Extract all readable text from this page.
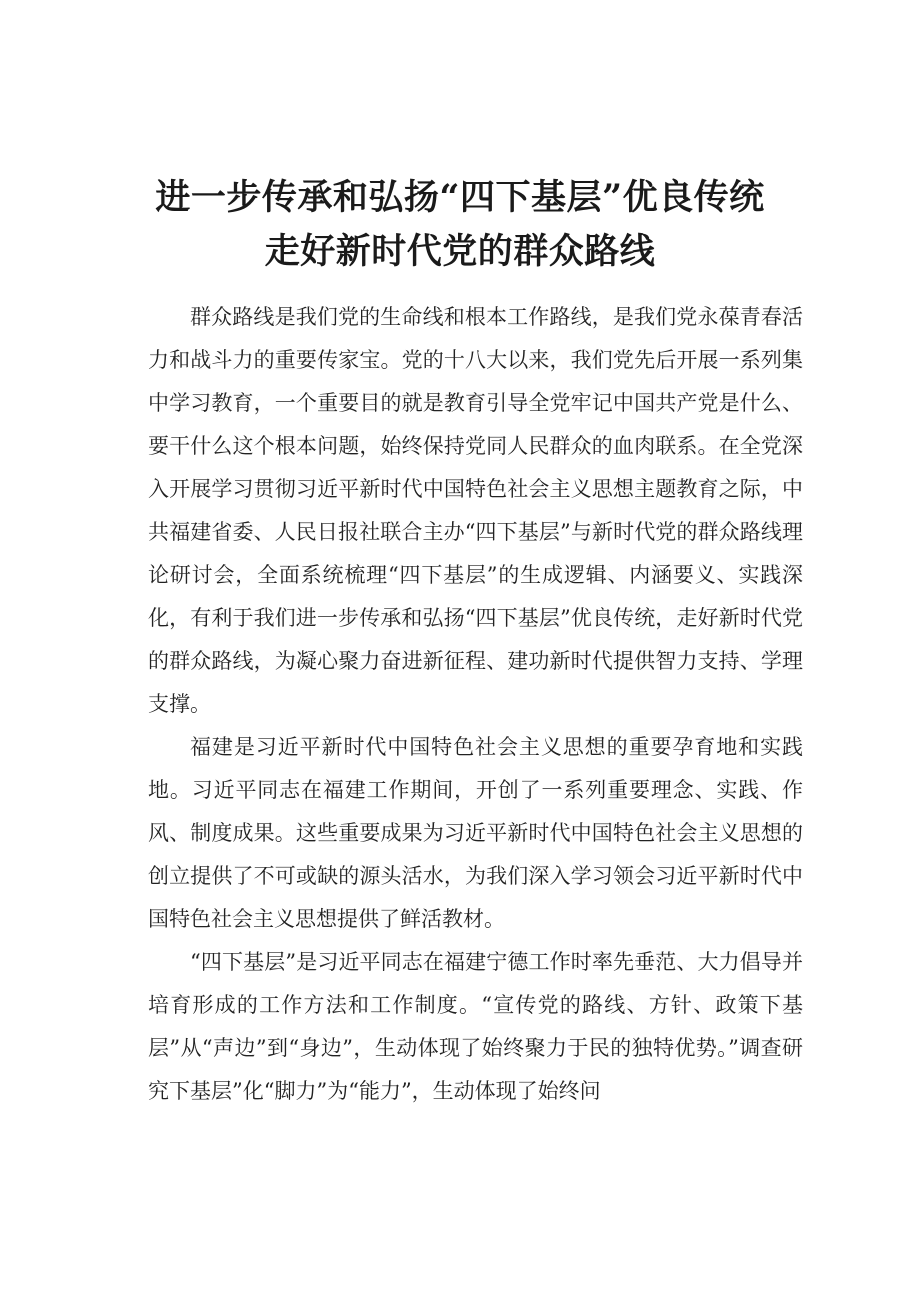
进一步传承和弘扬“四下基层”优良传统
走好新时代党的群众路线

群众路线是我们党的生命线和根本工作路线，是我们党永葆青春活力和战斗力的重要传家宝。党的十八大以来，我们党先后开展一系列集中学习教育，一个重要目的就是教育引导全党牢记中国共产党是什么、要干什么这个根本问题，始终保持党同人民群众的血肉联系。在全党深入开展学习贯彻习近平新时代中国特色社会主义思想主题教育之际，中共福建省委、人民日报社联合主办“四下基层”与新时代党的群众路线理论研讨会，全面系统梳理“四下基层”的生成逻辑、内涵要义、实践深化，有利于我们进一步传承和弘扬“四下基层”优良传统，走好新时代党的群众路线，为凝心聚力奋进新征程、建功新时代提供智力支持、学理支撑。

福建是习近平新时代中国特色社会主义思想的重要孕育地和实践地。习近平同志在福建工作期间，开创了一系列重要理念、实践、作风、制度成果。这些重要成果为习近平新时代中国特色社会主义思想的创立提供了不可或缺的源头活水，为我们深入学习领会习近平新时代中国特色社会主义思想提供了鲜活教材。

“四下基层”是习近平同志在福建宁德工作时率先垂范、大力倡导并培育形成的工作方法和工作制度。“宣传党的路线、方针、政策下基层”从“声边”到“身边”，生动体现了始终聚力于民的独特优势。”调查研究下基层”化“脚力”为“能力”，生动体现了始终问
